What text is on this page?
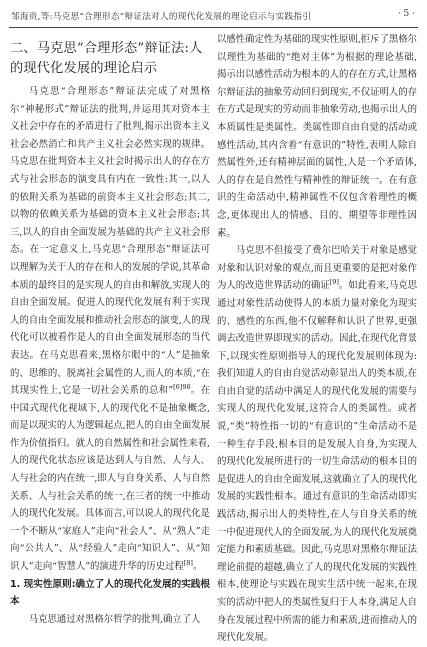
邹海贵,等:马克思“合理形态”辩证法对人的现代化发展的理论启示与实践指引	· 5 ·
二、马克思“合理形态”辩证法:人
的现代化发展的理论启示

马克思“合理形态”辩证法完成了对黑格尔“神秘形式”辩证法的批判,并运用其对资本主义社会中存在的矛盾进行了批判,揭示出资本主义社会必然消亡和共产主义社会必然实现的规律。马克思在批判资本主义社会时揭示出人的存在方式与社会形态的演变具有内在一致性:其一,以人的依附关系为基础的前资本主义社会形态;其二,以物的依赖关系为基础的资本主义社会形态;其三,以人的自由全面发展为基础的共产主义社会形态。在一定意义上,马克思“合理形态”辩证法可以理解为关于人的存在和人的发展的学说,其革命本质的最终目的是实现人的自由和解放,实现人的自由全面发展。促进人的现代化发展有利于实现人的自由全面发展和推动社会形态的演变,人的现代化可以被看作是人的自由全面发展形态的当代表达。在马克思看来,黑格尔眼中的“人”是抽象的、思维的、脱离社会属性的人,而人的本质,“在其现实性上,它是一切社会关系的总和”$^{[6]98}$。在中国式现代化视域下,人的现代化不是抽象概念,而是以现实的人为逻辑起点,把人的自由全面发展作为价值指归。就人的自然属性和社会属性来看,人的现代化状态应该是达到人与自然、人与人、人与社会的内在统一,即人与自身关系、人与自然关系、人与社会关系的统一,在三者的统一中推动人的现代化发展。具体而言,可以说人的现代化是一个不断从“家庭人”走向“社会人”、从“熟人”走向“公共人”、从“经验人”走向“知识人”、从“知识人”走向“智慧人”的演进升华的历史过程[8]。

1. 现实性原则:确立了人的现代化发展的实践根本

马克思通过对黑格尔哲学的批判,确立了人

以感性确定性为基础的现实性原则,拒斥了黑格尔以理性为基础的“绝对主体”为根据的理论基础,揭示出以感性活动为根本的人的存在方式,让黑格尔辩证法的抽象劳动回归到现实,不仅证明人的存在方式是现实的劳动而非抽象劳动,也揭示出人的本质属性是类属性。类属性即自由自觉的活动或感性活动,其内含着“有意识的”特性,表明人除自然属性外,还有精神层面的属性,人是一个矛盾体,人的存在是自然性与精神性的辩证统一。在有意识的生命活动中,精神属性不仅包含着理性的概念,更体现出人的情感、目的、期望等非理性因素。

马克思不但接受了费尔巴哈关于对象是感觉对象和认识对象的观点,而且更重要的是把对象作为人的改造世界活动的确证[9]。如此看来,马克思通过对象性活动使得人的本质力量对象化为现实的、感性的东西,他不仅解释和认识了世界,更强调去改造世界即现实的活动。因此,在现代化背景下,以现实性原则指导人的现代化发展则体现为:我们知道人的自由自觉活动彰显出人的类本质,在自由自觉的活动中满足人的现代化发展的需要与实现人的现代化发展,这符合人的类属性。或者说,“类”特性指一切的“有意识的”生命活动不是一种生存手段,根本目的是发展人自身,为实现人的现代化发展所进行的一切生命活动的根本目的是促进人的自由全面发展,这就确立了人的现代化发展的实践性根本。通过有意识的生命活动即实践活动,揭示出人的类特性,在人与自身关系的统一中促进现代人的全面发展,为人的现代化发展奠定能力和素质基础。因此,马克思对黑格尔辩证法理论前提的超越,确立了人的现代化发展的实践性根本,使理论与实践在现实生活中统一起来,在现实的活动中把人的类属性复归于人本身,满足人自身在发展过程中所需的能力和素质,进而推动人的现代化发展。
